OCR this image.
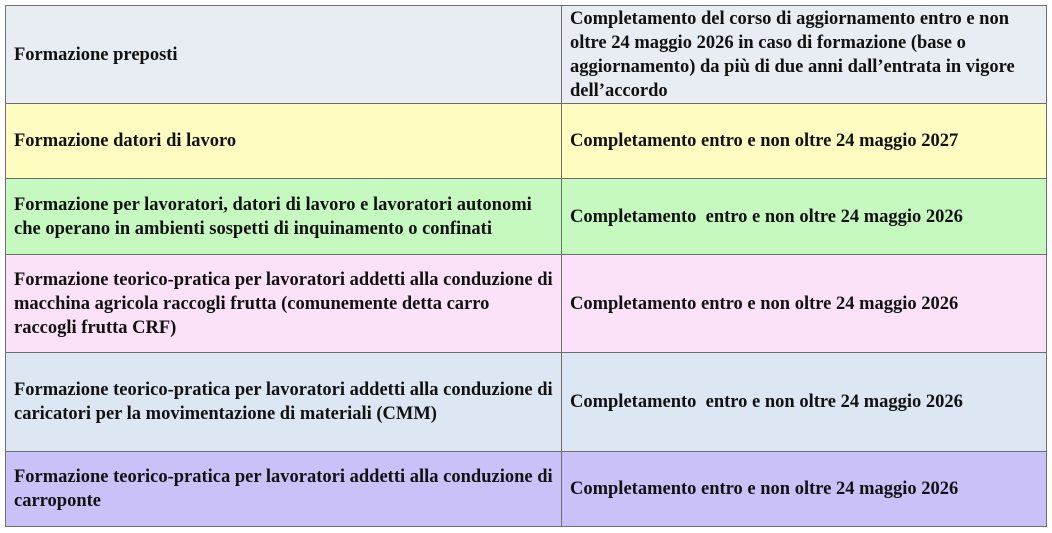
Formazione preposti	Completamento del corso di aggiornamento entro e non oltre 24 maggio 2026 in caso di formazione (base o aggiornamento) da più di due anni dall’entrata in vigore dell’accordo
Formazione datori di lavoro	Completamento entro e non oltre 24 maggio 2027
Formazione per lavoratori, datori di lavoro e lavoratori autonomi che operano in ambienti sospetti di inquinamento o confinati	Completamento  entro e non oltre 24 maggio 2026
Formazione teorico-pratica per lavoratori addetti alla conduzione di macchina agricola raccogli frutta (comunemente detta carro raccogli frutta CRF)	Completamento entro e non oltre 24 maggio 2026
Formazione teorico-pratica per lavoratori addetti alla conduzione di caricatori per la movimentazione di materiali (CMM)	Completamento  entro e non oltre 24 maggio 2026
Formazione teorico-pratica per lavoratori addetti alla conduzione di carroponte	Completamento entro e non oltre 24 maggio 2026
